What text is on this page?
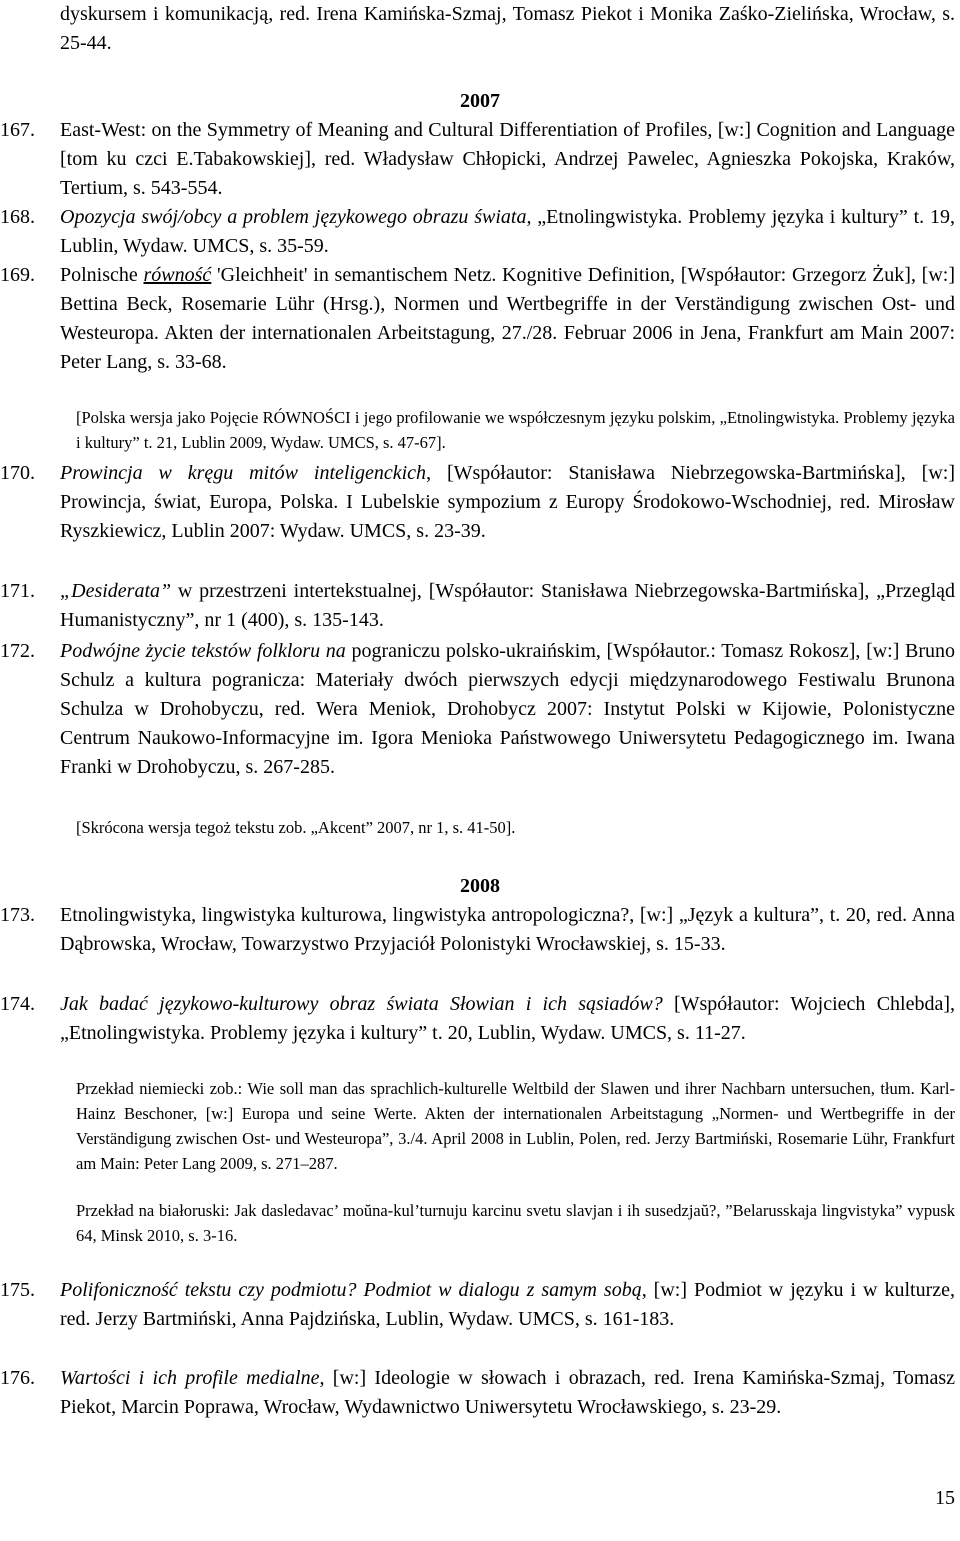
dyskursem i komunikacją, red. Irena Kamińska-Szmaj, Tomasz Piekot i Monika Zaśko-Zielińska, Wrocław, s. 25-44.
2007
167. East-West: on the Symmetry of Meaning and Cultural Differentiation of Profiles, [w:] Cognition and Language [tom ku czci E.Tabakowskiej], red. Władysław Chłopicki, Andrzej Pawelec, Agnieszka Pokojska, Kraków, Tertium, s. 543-554.
168. Opozycja swój/obcy a problem językowego obrazu świata, „Etnolingwistyka. Problemy języka i kultury” t. 19, Lublin, Wydaw. UMCS, s. 35-59.
169. Polnische równość 'Gleichheit' in semantischem Netz. Kognitive Definition, [Współautor: Grzegorz Żuk], [w:] Bettina Beck, Rosemarie Lühr (Hrsg.), Normen und Wertbegriffe in der Verständigung zwischen Ost- und Westeuropa. Akten der internationalen Arbeitstagung, 27./28. Februar 2006 in Jena, Frankfurt am Main 2007: Peter Lang, s. 33-68.
[Polska wersja jako Pojęcie RÓWNOŚCI i jego profilowanie we współczesnym języku polskim, „Etnolingwistyka. Problemy języka i kultury” t. 21, Lublin 2009, Wydaw. UMCS, s. 47-67].
170. Prowincja w kręgu mitów inteligenckich, [Współautor: Stanisława Niebrzegowska-Bartmińska], [w:] Prowincja, świat, Europa, Polska. I Lubelskie sympozium z Europy Środokowo-Wschodniej, red. Mirosław Ryszkiewicz, Lublin 2007: Wydaw. UMCS, s. 23-39.
171. „Desiderata” w przestrzeni intertekstualnej, [Współautor: Stanisława Niebrzegowska-Bartmińska], „Przegląd Humanistyczny”, nr 1 (400), s. 135-143.
172. Podwójne życie tekstów folkloru na pograniczu polsko-ukraińskim, [Współautor.: Tomasz Rokosz], [w:] Bruno Schulz a kultura pogranicza: Materiały dwóch pierwszych edycji międzynarodowego Festiwalu Brunona Schulza w Drohobyczu, red. Wera Meniok, Drohobycz 2007: Instytut Polski w Kijowie, Polonistyczne Centrum Naukowo-Informacyjne im. Igora Menioka Państwowego Uniwersytetu Pedagogicznego im. Iwana Franki w Drohobyczu, s. 267-285.
[Skrócona wersja tegoż tekstu zob. „Akcent” 2007, nr 1, s. 41-50].
2008
173. Etnolingwistyka, lingwistyka kulturowa, lingwistyka antropologiczna?, [w:] „Język a kultura”, t. 20, red. Anna Dąbrowska, Wrocław, Towarzystwo Przyjaciół Polonistyki Wrocławskiej, s. 15-33.
174. Jak badać językowo-kulturowy obraz świata Słowian i ich sąsiadów? [Współautor: Wojciech Chlebda], „Etnolingwistyka. Problemy języka i kultury” t. 20, Lublin, Wydaw. UMCS, s. 11-27.
Przekład niemiecki zob.: Wie soll man das sprachlich-kulturelle Weltbild der Slawen und ihrer Nachbarn untersuchen, tłum. Karl-Hainz Beschoner, [w:] Europa und seine Werte. Akten der internationalen Arbeitstagung „Normen- und Wertbegriffe in der Verständigung zwischen Ost- und Westeuropa”, 3./4. April 2008 in Lublin, Polen, red. Jerzy Bartmiński, Rosemarie Lühr, Frankfurt am Main: Peter Lang 2009, s. 271–287.
Przekład na białoruski: Jak dasledavac’ moŭna-kul’turnuju karcinu svetu slavjan i ih susedzjaŭ?, ”Belarusskaja lingvistyka” vypusk 64, Minsk 2010, s. 3-16.
175. Polifoniczność tekstu czy podmiotu? Podmiot w dialogu z samym sobą, [w:] Podmiot w języku i w kulturze, red. Jerzy Bartmiński, Anna Pajdzińska, Lublin, Wydaw. UMCS, s. 161-183.
176. Wartości i ich profile medialne, [w:] Ideologie w słowach i obrazach, red. Irena Kamińska-Szmaj, Tomasz Piekot, Marcin Poprawa, Wrocław, Wydawnictwo Uniwersytetu Wrocławskiego, s. 23-29.
15
